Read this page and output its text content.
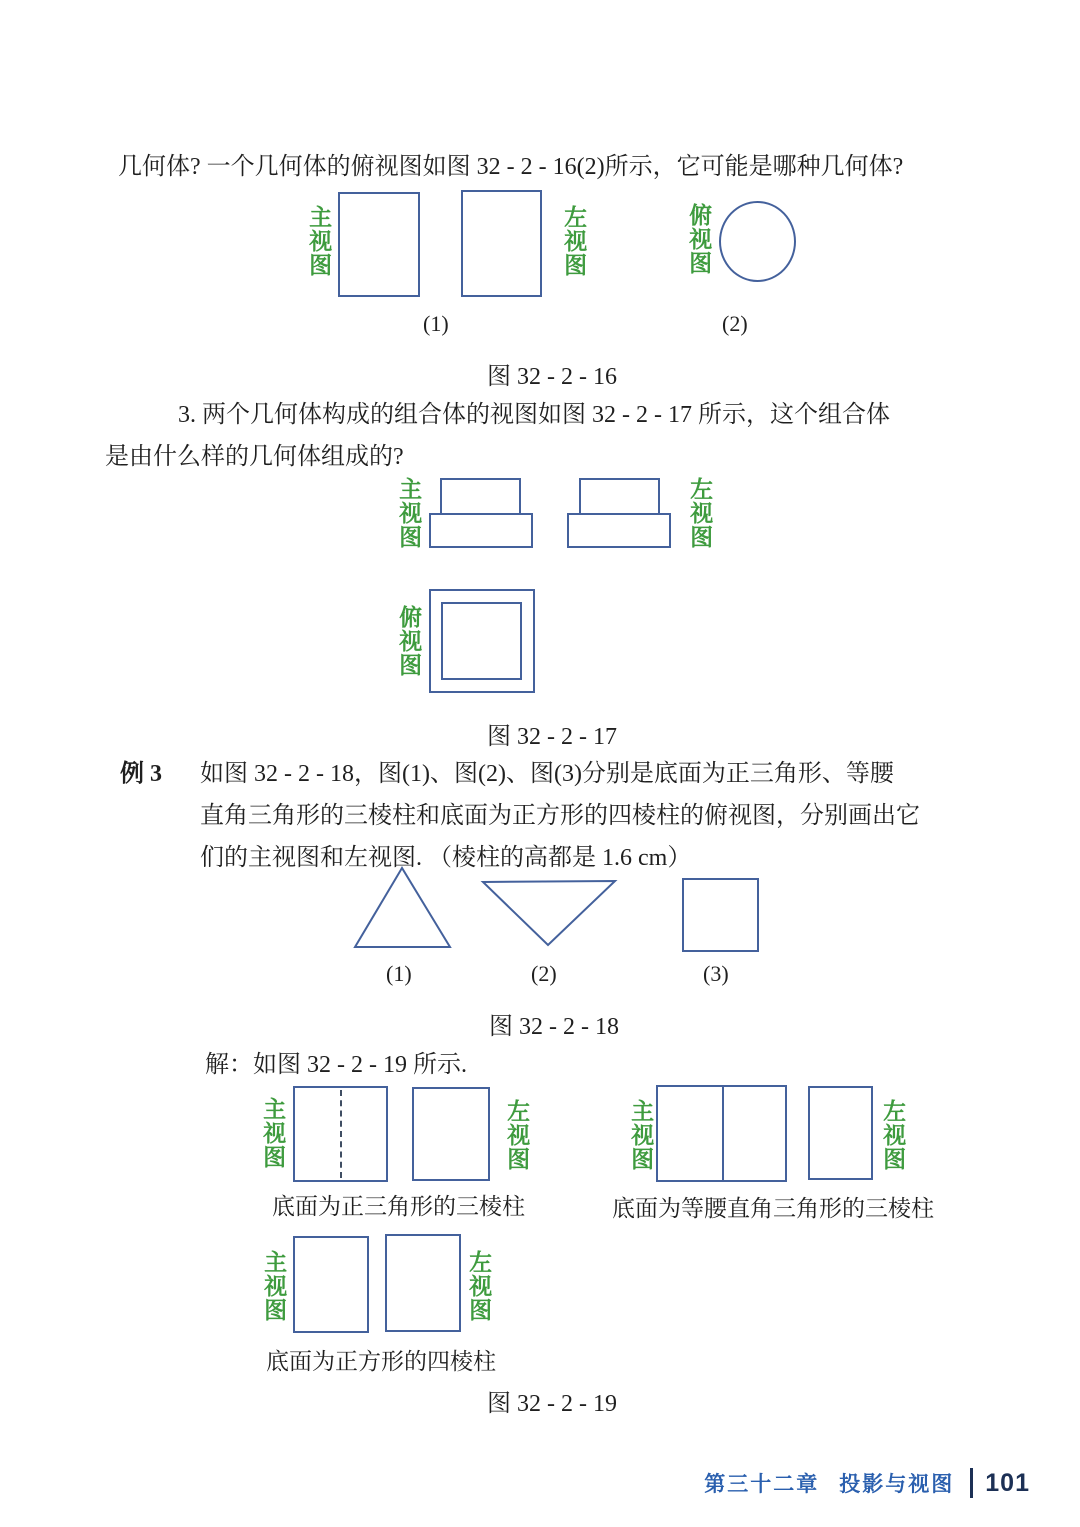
几何体? 一个几何体的俯视图如图 32 - 2 - 16(2)所示，它可能是哪种几何体?
主视图	左视图	俯视图
(1)	(2)
图 32 - 2 - 16
3. 两个几何体构成的组合体的视图如图 32 - 2 - 17 所示，这个组合体
是由什么样的几何体组成的?
主视图	左视图
俯视图
图 32 - 2 - 17
例 3 如图 32 - 2 - 18，图(1)、图(2)、图(3)分别是底面为正三角形、等腰
直角三角形的三棱柱和底面为正方形的四棱柱的俯视图，分别画出它
们的主视图和左视图. （棱柱的高都是 1.6 cm）
(1)	(2)	(3)
图 32 - 2 - 18
解：如图 32 - 2 - 19 所示.
主视图	左视图
底面为正三角形的三棱柱
主视图	左视图
底面为等腰直角三角形的三棱柱
主视图	左视图
底面为正方形的四棱柱
图 32 - 2 - 19
第三十二章 投影与视图 101
